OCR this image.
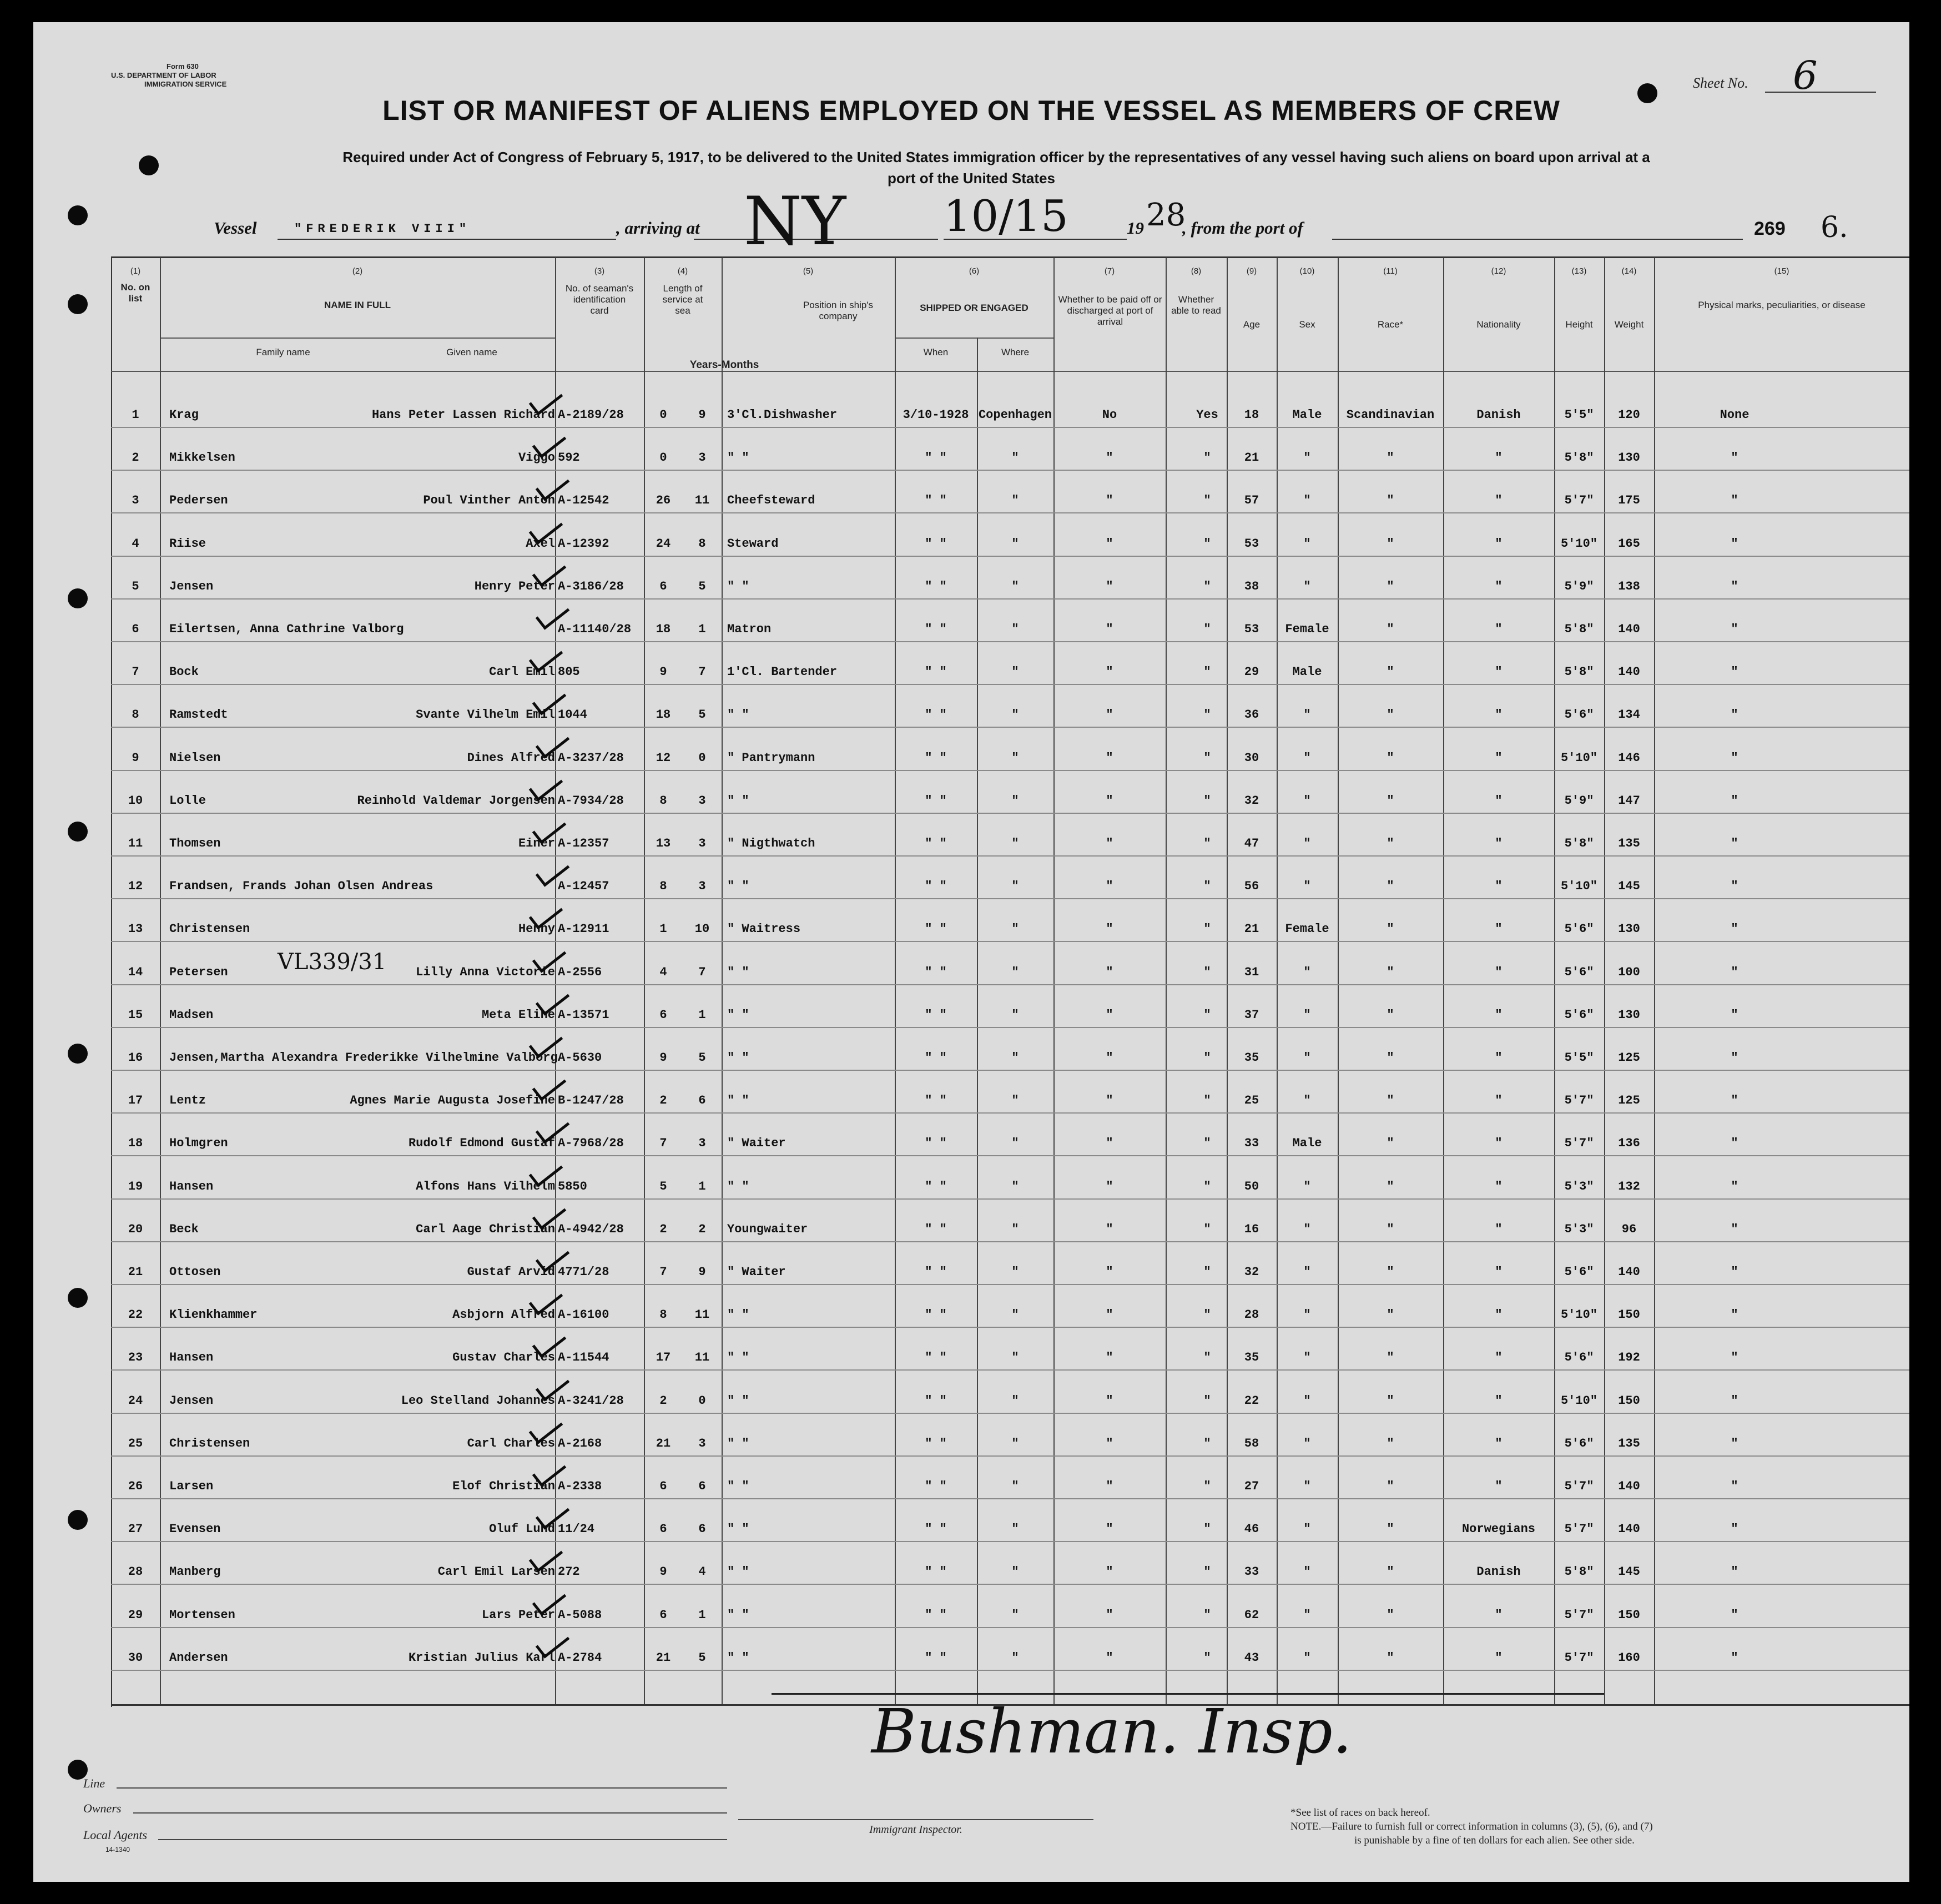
Form 630
U.S. DEPARTMENT OF LABOR
IMMIGRATION SERVICE	Sheet No. 6
LIST OR MANIFEST OF ALIENS EMPLOYED ON THE VESSEL AS MEMBERS OF CREW
Required under Act of Congress of February 5, 1917, to be delivered to the United States immigration officer by the representatives of any vessel having such aliens on board upon arrival at a
port of the United States
Vessel	"FREDERIK VIII"	, arriving at NY 10/15	19 28
, from the port of	269 6.
(1)	(2)	(3)	(4)	(5)	(6)	(7)	(8)	(9)	(10)	(11)	(12)	(13)	(14)	(15)
No. on list
NAME IN FULL
Family name	Given name
No. of seaman's identification card
Length of service at sea
Years-Months
Position in ship's company
SHIPPED OR ENGAGED
When	Where
Whether to be paid off or discharged at port of arrival
Whether able to read
Age	Sex	Race*	Nationality	Height	Weight
Physical marks, peculiarities, or disease
1	Krag	Hans Peter Lassen Richard A-2189/28	0	9	3'Cl.Dishwasher	3/10-1928 Copenhagen	No	Yes	18	Male	Scandinavian	Danish	5'5"	120	None
2	Mikkelsen	Viggo 592	0	3	" "	" "	"	"	"	21	"	"	"	5'8"	130	"
3	Pedersen	Poul Vinther Anton A-12542	26	11	Cheefsteward	" "	"	"	"	57	"	"	"	5'7"	175	"
4	Riise	Axel A-12392	24	8	Steward	" "	"	"	"	53	"	"	"	5'10"	165	"
5	Jensen	Henry Peter A-3186/28	6	5	" "	" "	"	"	"	38	"	"	"	5'9"	138	"
6	Eilertsen, Anna Cathrine Valborg	A-11140/28	18	1	Matron	" "	"	"	"	53	Female	"	"	5'8"	140	"
7	Bock	Carl Emil 805	9	7	1'Cl. Bartender	" "	"	"	"	29	Male	"	"	5'8"	140	"
8	Ramstedt	Svante Vilhelm Emil 1044	18	5	" "	" "	"	"	"	36	"	"	"	5'6"	134	"
9	Nielsen	Dines Alfred A-3237/28	12	0	" Pantrymann	" "	"	"	"	30	"	"	"	5'10"	146	"
10	Lolle	Reinhold Valdemar Jorgensen A-7934/28	8	3	" "	" "	"	"	"	32	"	"	"	5'9"	147	"
11	Thomsen	Einer A-12357	13	3	" Nigthwatch	" "	"	"	"	47	"	"	"	5'8"	135	"
12	Frandsen, Frands Johan Olsen Andreas	A-12457	8	3	" "	" "	"	"	"	56	"	"	"	5'10"	145	"
13	Christensen	Henny A-12911	1	10	" Waitress	" "	"	"	"	21	Female	"	"	5'6"	130	"
14	Petersen	Lilly Anna Victorie A-2556	4	7	" "	" "	"	"	"	31	"	"	"	5'6"	100	"
15	Madsen	Meta Eline A-13571	6	1	" "	" "	"	"	"	37	"	"	"	5'6"	130	"
16	Jensen,Martha Alexandra Frederikke Vilhelmine Valborg A-5630	9	5	" "	" "	"	"	"	35	"	"	"	5'5"	125	"
17	Lentz	Agnes Marie Augusta Josefine B-1247/28	2	6	" "	" "	"	"	"	25	"	"	"	5'7"	125	"
18	Holmgren	Rudolf Edmond Gustaf A-7968/28	7	3	" Waiter	" "	"	"	"	33	Male	"	"	5'7"	136	"
19	Hansen	Alfons Hans Vilhelm 5850	5	1	" "	" "	"	"	"	50	"	"	"	5'3"	132	"
20	Beck	Carl Aage Christian A-4942/28	2	2	Youngwaiter	" "	"	"	"	16	"	"	"	5'3"	96	"
21	Ottosen	Gustaf Arvid 4771/28	7	9	" Waiter	" "	"	"	"	32	"	"	"	5'6"	140	"
22	Klienkhammer	Asbjorn Alfred A-16100	8	11	" "	" "	"	"	"	28	"	"	"	5'10"	150	"
23	Hansen	Gustav Charles A-11544	17	11	" "	" "	"	"	"	35	"	"	"	5'6"	192	"
24	Jensen	Leo Stelland Johannes A-3241/28	2	0	" "	" "	"	"	"	22	"	"	"	5'10"	150	"
25	Christensen	Carl Charles A-2168	21	3	" "	" "	"	"	"	58	"	"	"	5'6"	135	"
26	Larsen	Elof Christian A-2338	6	6	" "	" "	"	"	"	27	"	"	"	5'7"	140	"
27	Evensen	Oluf Lund 11/24	6	6	" "	" "	"	"	"	46	"	"	Norwegians	5'7"	140	"
28	Manberg	Carl Emil Larsen 272	9	4	" "	" "	"	"	"	33	"	"	Danish	5'8"	145	"
29	Mortensen	Lars Peter A-5088	6	1	" "	" "	"	"	"	62	"	"	"	5'7"	150	"
30	Andersen	Kristian Julius Karl A-2784	21	5	" "	" "	"	"	"	43	"	"	"	5'7"	160	"
VL339/31
Bushman. Insp.
Line
Owners
Local Agents
14-1340
Immigrant Inspector.
*See list of races on back hereof.
NOTE.—Failure to furnish full or correct information in columns (3), (5), (6), and (7)
is punishable by a fine of ten dollars for each alien. See other side.
